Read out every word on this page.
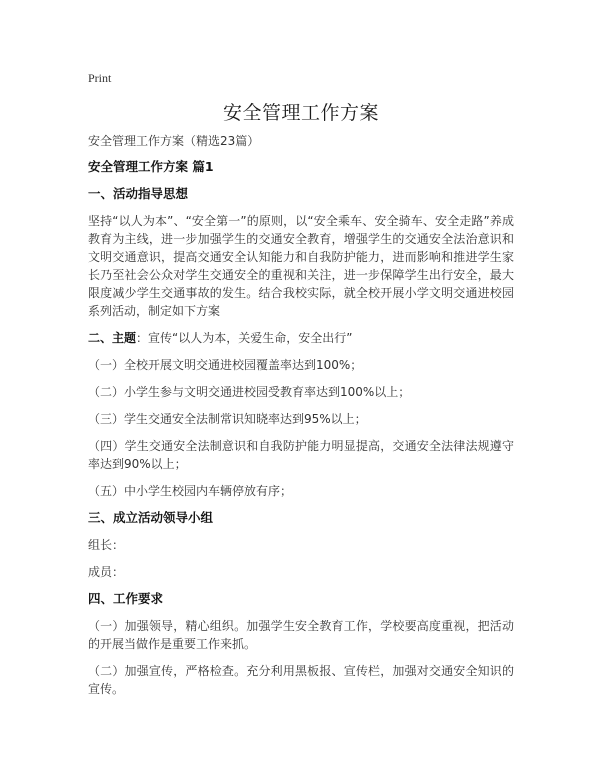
Print
安全管理工作方案
安全管理工作方案（精选23篇）
安全管理工作方案 篇1
一、活动指导思想

坚持“以人为本”、“安全第一”的原则，以“安全乘车、安全骑车、安全走路”养成教育为主线，进一步加强学生的交通安全教育，增强学生的交通安全法治意识和文明交通意识，提高交通安全认知能力和自我防护能力，进而影响和推进学生家长乃至社会公众对学生交通安全的重视和关注，进一步保障学生出行安全，最大限度减少学生交通事故的发生。结合我校实际，就全校开展小学文明交通进校园系列活动，制定如下方案

二、主题：宣传“以人为本，关爱生命，安全出行”

（一）全校开展文明交通进校园覆盖率达到100%；

（二）小学生参与文明交通进校园受教育率达到100%以上；

（三）学生交通安全法制常识知晓率达到95%以上；

（四）学生交通安全法制意识和自我防护能力明显提高，交通安全法律法规遵守率达到90%以上；

（五）中小学生校园内车辆停放有序；

三、成立活动领导小组

组长：

成员：

四、工作要求

（一）加强领导，精心组织。加强学生安全教育工作，学校要高度重视，把活动的开展当做作是重要工作来抓。

（二）加强宣传，严格检查。充分利用黑板报、宣传栏，加强对交通安全知识的宣传。
